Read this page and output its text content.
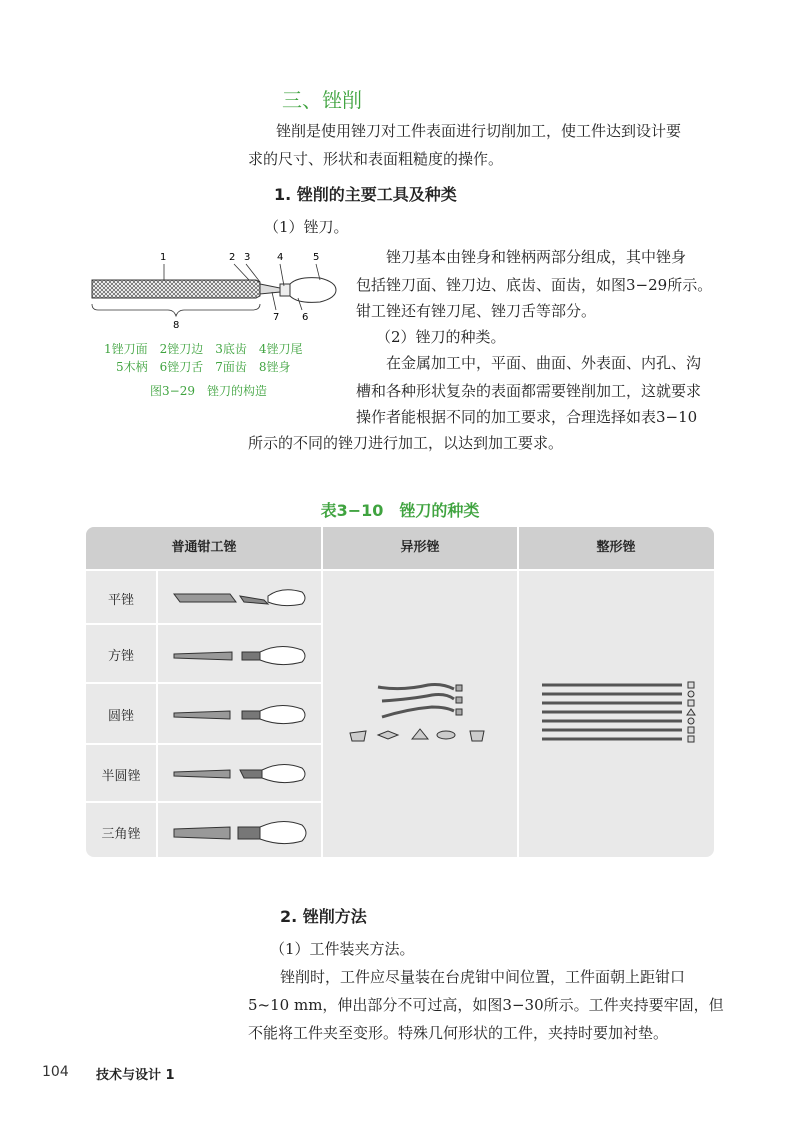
三、锉削
锉削是使用锉刀对工件表面进行切削加工，使工件达到设计要
求的尺寸、形状和表面粗糙度的操作。
1. 锉削的主要工具及种类
（1）锉刀。
1	2 3	4	5
6
7
8
1锉刀面　2锉刀边　3底齿　4锉刀尾
5木柄　6锉刀舌　7面齿　8锉身
图3−29　锉刀的构造
锉刀基本由锉身和锉柄两部分组成，其中锉身
包括锉刀面、锉刀边、底齿、面齿，如图3−29所示。
钳工锉还有锉刀尾、锉刀舌等部分。
（2）锉刀的种类。
在金属加工中，平面、曲面、外表面、内孔、沟
槽和各种形状复杂的表面都需要锉削加工，这就要求
操作者能根据不同的加工要求，合理选择如表3−10
所示的不同的锉刀进行加工，以达到加工要求。
表3−10　锉刀的种类
普通钳工锉	异形锉	整形锉
平锉
方锉
圆锉
半圆锉
三角锉
2. 锉削方法
（1）工件装夹方法。
锉削时，工件应尽量装在台虎钳中间位置，工件面朝上距钳口
5~10 mm，伸出部分不可过高，如图3−30所示。工件夹持要牢固，但
不能将工件夹至变形。特殊几何形状的工件，夹持时要加衬垫。
104 技术与设计 1
